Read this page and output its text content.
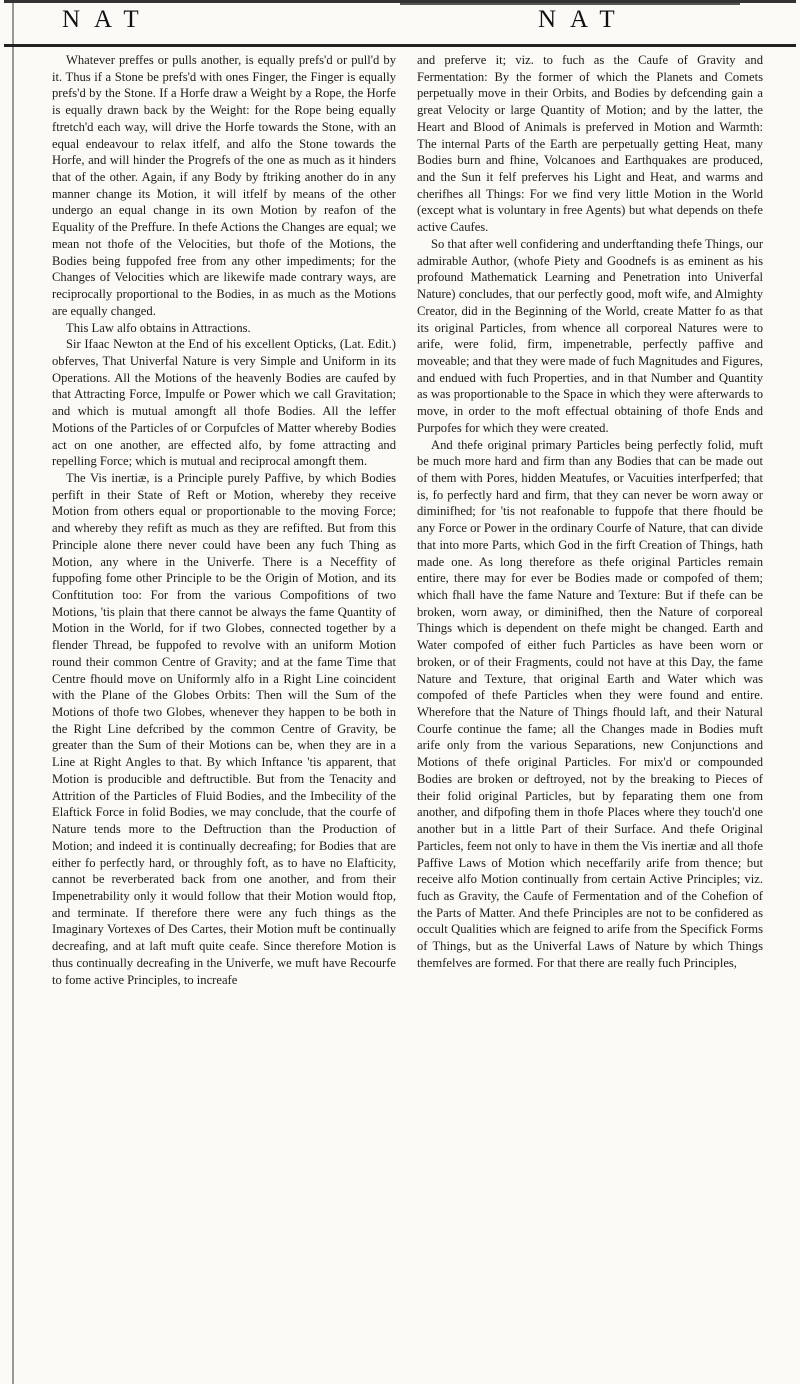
NAT	NAT

Whatever preffes or pulls another, is equally prefs'd or pull'd by it. Thus if a Stone be prefs'd with ones Finger, the Finger is equally prefs'd by the Stone. If a Horfe draw a Weight by a Rope, the Horfe is equally drawn back by the Weight: for the Rope being equally ftretch'd each way, will drive the Horfe towards the Stone, with an equal endeavour to relax itfelf, and alfo the Stone towards the Horfe, and will hinder the Progrefs of the one as much as it hinders that of the other. Again, if any Body by ftriking another do in any manner change its Motion, it will itfelf by means of the other undergo an equal change in its own Motion by reafon of the Equality of the Preffure. In thefe Actions the Changes are equal; we mean not thofe of the Velocities, but thofe of the Motions, the Bodies being fuppofed free from any other impediments; for the Changes of Velocities which are likewife made contrary ways, are reciprocally proportional to the Bodies, in as much as the Motions are equally changed.

This Law alfo obtains in Attractions.

Sir Ifaac Newton at the End of his excellent Opticks, (Lat. Edit.) obferves, That Univerfal Nature is very Simple and Uniform in its Operations. All the Motions of the heavenly Bodies are caufed by that Attracting Force, Impulfe or Power which we call Gravitation; and which is mutual amongft all thofe Bodies. All the leffer Motions of the Particles of or Corpufcles of Matter whereby Bodies act on one another, are effected alfo, by fome attracting and repelling Force; which is mutual and reciprocal amongft them.

The Vis inertiæ, is a Principle purely Paffive, by which Bodies perfift in their State of Reft or Motion, whereby they receive Motion from others equal or proportionable to the moving Force; and whereby they refift as much as they are refifted. But from this Principle alone there never could have been any fuch Thing as Motion, any where in the Univerfe. There is a Neceffity of fuppofing fome other Principle to be the Origin of Motion, and its Conftitution too: For from the various Compofitions of two Motions, 'tis plain that there cannot be always the fame Quantity of Motion in the World, for if two Globes, connected together by a flender Thread, be fuppofed to revolve with an uniform Motion round their common Centre of Gravity; and at the fame Time that Centre fhould move on Uniformly alfo in a Right Line coincident with the Plane of the Globes Orbits: Then will the Sum of the Motions of thofe two Globes, whenever they happen to be both in the Right Line defcribed by the common Centre of Gravity, be greater than the Sum of their Motions can be, when they are in a Line at Right Angles to that. By which Inftance 'tis apparent, that Motion is producible and deftructible. But from the Tenacity and Attrition of the Particles of Fluid Bodies, and the Imbecility of the Elaftick Force in folid Bodies, we may conclude, that the courfe of Nature tends more to the Deftruction than the Production of Motion; and indeed it is continually decreafing; for Bodies that are either fo perfectly hard, or throughly foft, as to have no Elafticity, cannot be reverberated back from one another, and from their Impenetrability only it would follow that their Motion would ftop, and terminate. If therefore there were any fuch things as the Imaginary Vortexes of Des Cartes, their Motion muft be continually decreafing, and at laft muft quite ceafe. Since therefore Motion is thus continually decreafing in the Univerfe, we muft have Recourfe to fome active Principles, to increafe

and preferve it; viz. to fuch as the Caufe of Gravity and Fermentation: By the former of which the Planets and Comets perpetually move in their Orbits, and Bodies by defcending gain a great Velocity or large Quantity of Motion; and by the latter, the Heart and Blood of Animals is preferved in Motion and Warmth: The internal Parts of the Earth are perpetually getting Heat, many Bodies burn and fhine, Volcanoes and Earthquakes are produced, and the Sun it felf preferves his Light and Heat, and warms and cherifhes all Things: For we find very little Motion in the World (except what is voluntary in free Agents) but what depends on thefe active Caufes.

So that after well confidering and underftanding thefe Things, our admirable Author, (whofe Piety and Goodnefs is as eminent as his profound Mathematick Learning and Penetration into Univerfal Nature) concludes, that our perfectly good, moft wife, and Almighty Creator, did in the Beginning of the World, create Matter fo as that its original Particles, from whence all corporeal Natures were to arife, were folid, firm, impenetrable, perfectly paffive and moveable; and that they were made of fuch Magnitudes and Figures, and endued with fuch Properties, and in that Number and Quantity as was proportionable to the Space in which they were afterwards to move, in order to the moft effectual obtaining of thofe Ends and Purpofes for which they were created.

And thefe original primary Particles being perfectly folid, muft be much more hard and firm than any Bodies that can be made out of them with Pores, hidden Meatufes, or Vacuities interfperfed; that is, fo perfectly hard and firm, that they can never be worn away or diminifhed; for 'tis not reafonable to fuppofe that there fhould be any Force or Power in the ordinary Courfe of Nature, that can divide that into more Parts, which God in the firft Creation of Things, hath made one. As long therefore as thefe original Particles remain entire, there may for ever be Bodies made or compofed of them; which fhall have the fame Nature and Texture: But if thefe can be broken, worn away, or diminifhed, then the Nature of corporeal Things which is dependent on thefe might be changed. Earth and Water compofed of either fuch Particles as have been worn or broken, or of their Fragments, could not have at this Day, the fame Nature and Texture, that original Earth and Water which was compofed of thefe Particles when they were found and entire. Wherefore that the Nature of Things fhould laft, and their Natural Courfe continue the fame; all the Changes made in Bodies muft arife only from the various Separations, new Conjunctions and Motions of thefe original Particles. For mix'd or compounded Bodies are broken or deftroyed, not by the breaking to Pieces of their folid original Particles, but by feparating them one from another, and difpofing them in thofe Places where they touch'd one another but in a little Part of their Surface. And thefe Original Particles, feem not only to have in them the Vis inertiæ and all thofe Paffive Laws of Motion which neceffarily arife from thence; but receive alfo Motion continually from certain Active Principles; viz. fuch as Gravity, the Caufe of Fermentation and of the Cohefion of the Parts of Matter. And thefe Principles are not to be confidered as occult Qualities which are feigned to arife from the Specifick Forms of Things, but as the Univerfal Laws of Nature by which Things themfelves are formed. For that there are really fuch Principles,
